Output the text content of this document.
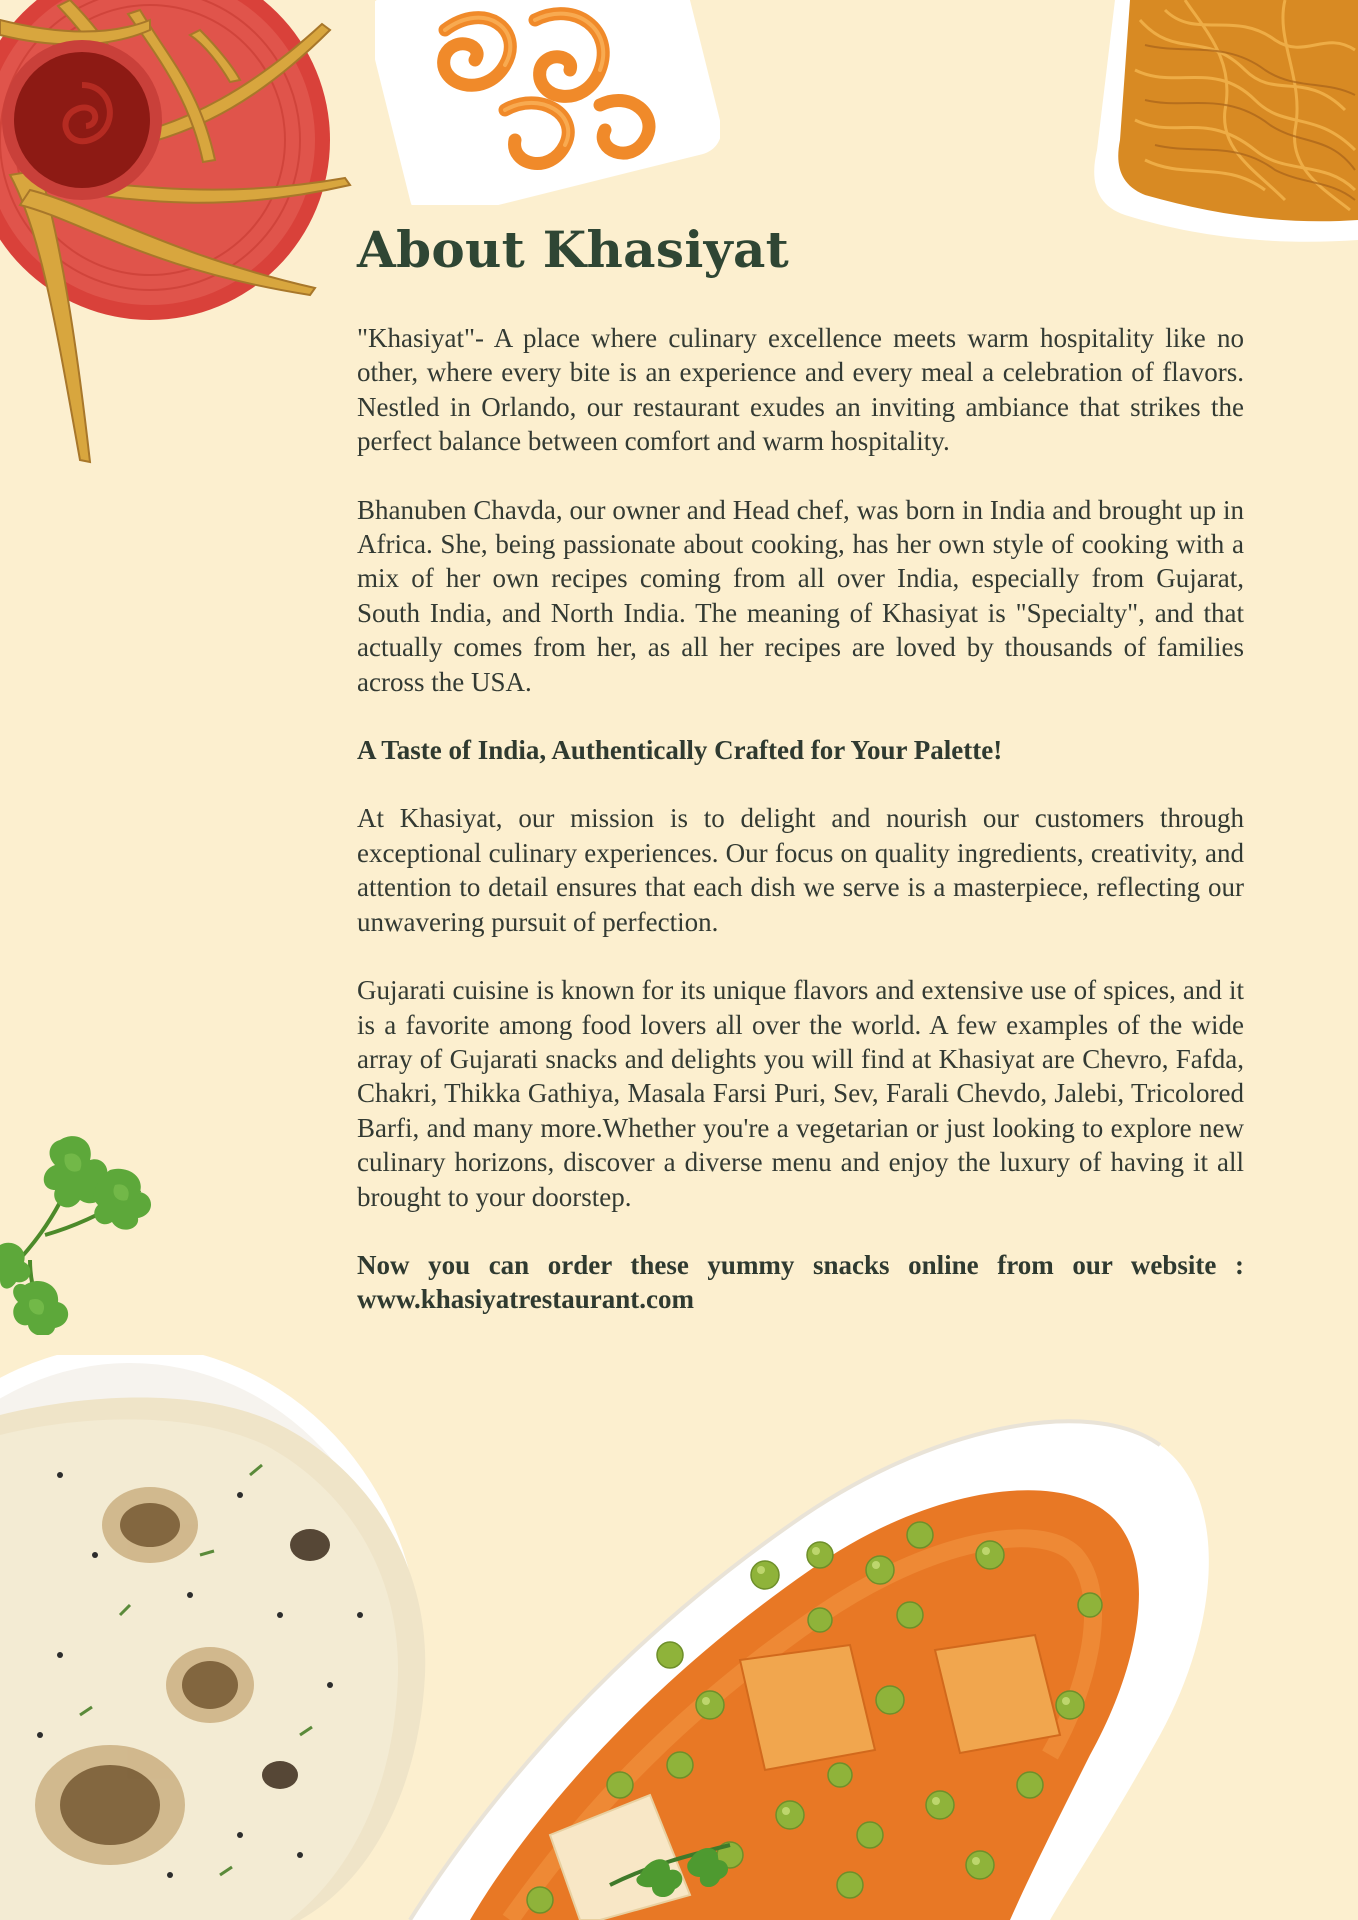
About Khasiyat

"Khasiyat"- A place where culinary excellence meets warm hospitality like no other, where every bite is an experience and every meal a celebration of flavors. Nestled in Orlando, our restaurant exudes an inviting ambiance that strikes the perfect balance between comfort and warm hospitality.

Bhanuben Chavda, our owner and Head chef, was born in India and brought up in Africa. She, being passionate about cooking, has her own style of cooking with a mix of her own recipes coming from all over India, especially from Gujarat, South India, and North India. The meaning of Khasiyat is "Specialty", and that actually comes from her, as all her recipes are loved by thousands of families across the USA.

A Taste of India, Authentically Crafted for Your Palette!

At Khasiyat, our mission is to delight and nourish our customers through exceptional culinary experiences. Our focus on quality ingredients, creativity, and attention to detail ensures that each dish we serve is a masterpiece, reflecting our unwavering pursuit of perfection.

Gujarati cuisine is known for its unique flavors and extensive use of spices, and it is a favorite among food lovers all over the world. A few examples of the wide array of Gujarati snacks and delights you will find at Khasiyat are Chevro, Fafda, Chakri, Thikka Gathiya, Masala Farsi Puri, Sev, Farali Chevdo, Jalebi, Tricolored Barfi, and many more.Whether you're a vegetarian or just looking to explore new culinary horizons, discover a diverse menu and enjoy the luxury of having it all brought to your doorstep.

Now you can order these yummy snacks online from our website : www.khasiyatrestaurant.com
